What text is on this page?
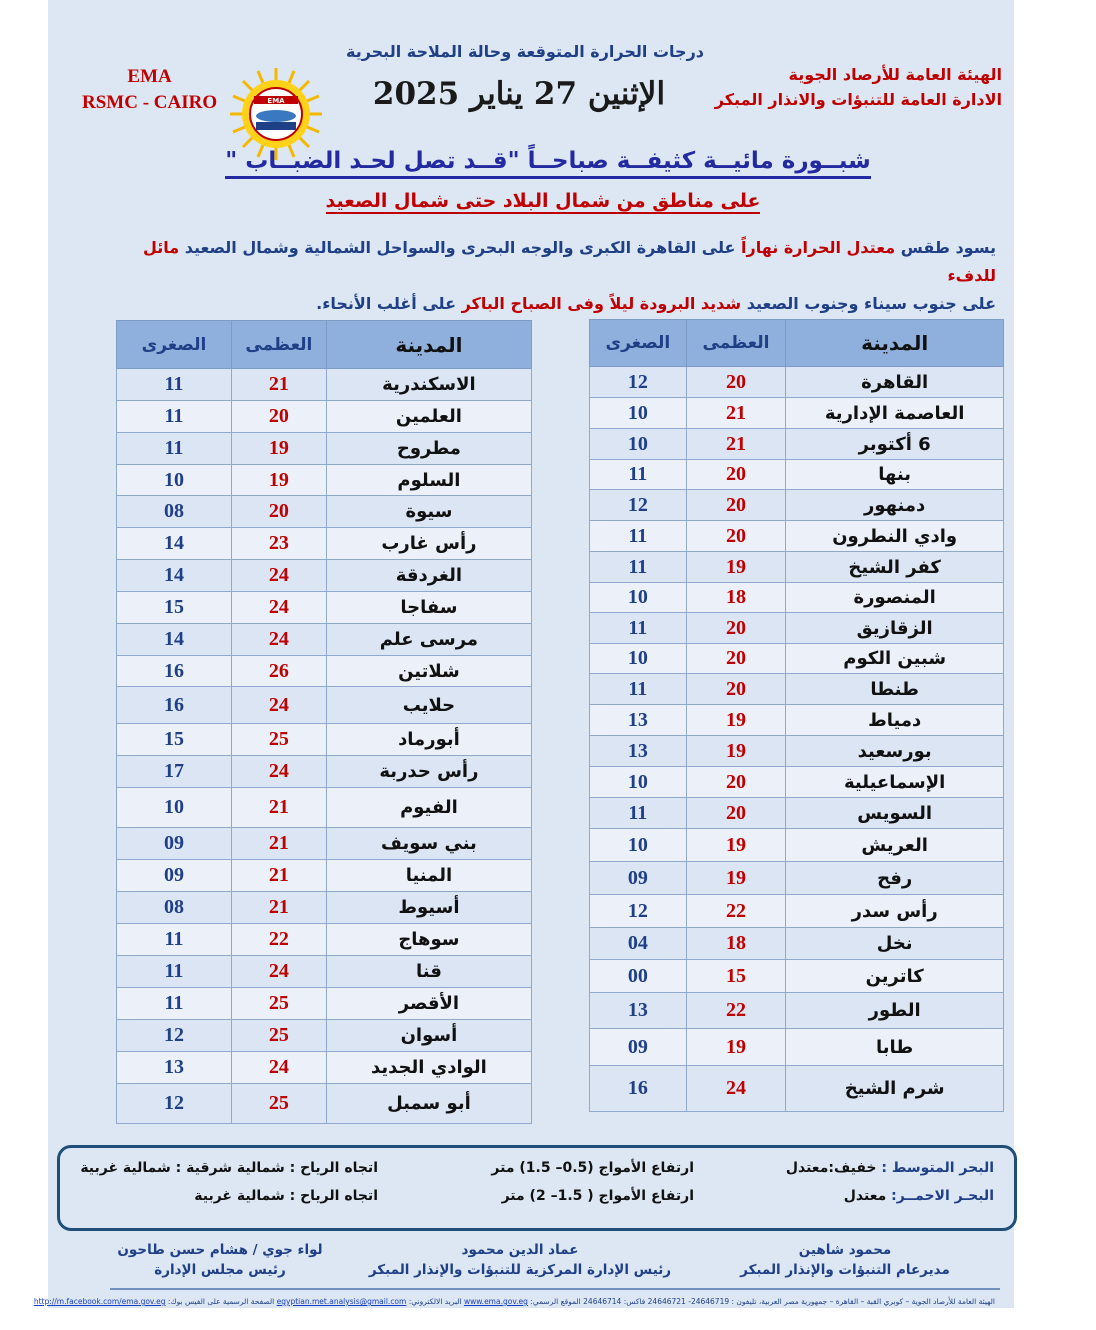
درجات الحرارة المتوقعة وحالة الملاحة البحرية
الإثنين 27 يناير 2025
الهيئة العامة للأرصاد الجوية
الادارة العامة للتنبؤات والانذار المبكر
EMA
RSMC - CAIRO	EMA
شبــورة مائيــة كثيفــة صباحــاً "قــد تصل لحـد الضبــاب "
على مناطق من شمال البلاد حتى شمال الصعيد
يسود طقس معتدل الحرارة نهاراً على القاهرة الكبرى والوجه البحرى والسواحل الشمالية وشمال الصعيد مائل للدفء
على جنوب سيناء وجنوب الصعيد شديد البرودة ليلاً وفى الصباح الباكر على أغلب الأنحاء.
المدينة	العظمى	الصغرى
القاهرة	20	12
العاصمة الإدارية	21	10
6 أكتوبر	21	10
بنها	20	11
دمنهور	20	12
وادي النطرون	20	11
كفر الشيخ	19	11
المنصورة	18	10
الزقازيق	20	11
شبين الكوم	20	10
طنطا	20	11
دمياط	19	13
بورسعيد	19	13
الإسماعيلية	20	10
السويس	20	11
العريش	19	10
رفح	19	09
رأس سدر	22	12
نخل	18	04
كاترين	15	00
الطور	22	13
طابا	19	09
شرم الشيخ	24	16
المدينة	العظمى	الصغرى
الاسكندرية	21	11
العلمين	20	11
مطروح	19	11
السلوم	19	10
سيوة	20	08
رأس غارب	23	14
الغردقة	24	14
سفاجا	24	15
مرسى علم	24	14
شلاتين	26	16
حلايب	24	16
أبورماد	25	15
رأس حدربة	24	17
الفيوم	21	10
بني سويف	21	09
المنيا	21	09
أسيوط	21	08
سوهاج	22	11
قنا	24	11
الأقصر	25	11
أسوان	25	12
الوادي الجديد	24	13
أبو سمبل	25	12
البحر المتوسط : خفيف:معتدل
ارتفاع الأمواج (0.5– 1.5) متر
اتجاه الرياح : شمالية شرقية : شمالية غربية
البحـر الاحمــر: معتدل
ارتفاع الأمواج ( 1.5– 2) متر
اتجاه الرياح : شمالية غربية
محمود شاهين
مديرعام التنبؤات والإنذار المبكر
عماد الدين محمود
رئيس الإدارة المركزية للتنبؤات والإنذار المبكر
لواء جوي / هشام حسن طاحون
رئيس مجلس الإدارة
الهيئة العامة للأرصاد الجوية – كوبري القبة – القاهرة – جمهورية مصر العربية، تليفون : 24646719- 24646721 فاكس: 24646714 الموقع الرسمي: www.ema.gov.eg البريد الالكتروني: egyptian.met.analysis@gmail.com الصفحة الرسمية على الفيس بوك: http://m.facebook.com/ema.gov.eg
